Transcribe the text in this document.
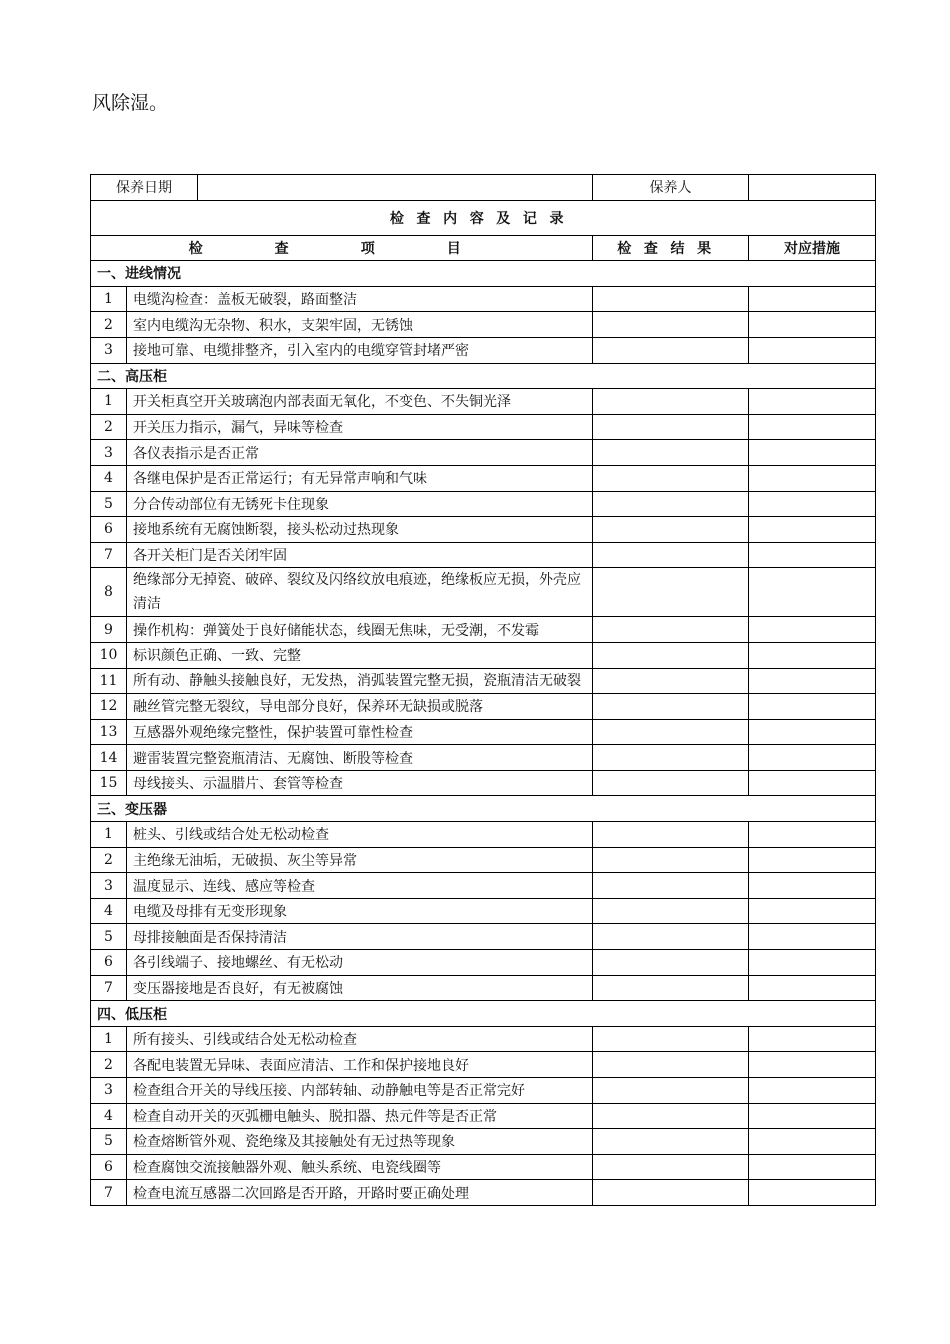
风除湿。
保养日期			保养人	
检查内容及记录				
检 查 项 目			检查结果	对应措施
一、进线情况				
1	电缆沟检查：盖板无破裂，路面整洁			
2	室内电缆沟无杂物、积水，支架牢固，无锈蚀			
3	接地可靠、电缆排整齐，引入室内的电缆穿管封堵严密			
二、高压柜				
1	开关柜真空开关玻璃泡内部表面无氧化，不变色、不失铜光泽			
2	开关压力指示，漏气，异味等检查			
3	各仪表指示是否正常			
4	各继电保护是否正常运行；有无异常声响和气味			
5	分合传动部位有无锈死卡住现象			
6	接地系统有无腐蚀断裂，接头松动过热现象			
7	各开关柜门是否关闭牢固			
8	绝缘部分无掉瓷、破碎、裂纹及闪络纹放电痕迹，绝缘板应无损，外壳应清洁			
9	操作机构：弹簧处于良好储能状态，线圈无焦味，无受潮，不发霉			
10	标识颜色正确、一致、完整			
11	所有动、静触头接触良好，无发热，消弧装置完整无损，瓷瓶清洁无破裂			
12	融丝管完整无裂纹，导电部分良好，保养环无缺损或脱落			
13	互感器外观绝缘完整性，保护装置可靠性检查			
14	避雷装置完整瓷瓶清洁、无腐蚀、断股等检查			
15	母线接头、示温腊片、套管等检查			
三、变压器				
1	桩头、引线或结合处无松动检查			
2	主绝缘无油垢，无破损、灰尘等异常			
3	温度显示、连线、感应等检查			
4	电缆及母排有无变形现象			
5	母排接触面是否保持清洁			
6	各引线端子、接地螺丝、有无松动			
7	变压器接地是否良好，有无被腐蚀			
四、低压柜				
1	所有接头、引线或结合处无松动检查			
2	各配电装置无异味、表面应清洁、工作和保护接地良好			
3	检查组合开关的导线压接、内部转轴、动静触电等是否正常完好			
4	检查自动开关的灭弧栅电触头、脱扣器、热元件等是否正常			
5	检查熔断管外观、瓷绝缘及其接触处有无过热等现象			
6	检查腐蚀交流接触器外观、触头系统、电瓷线圈等			
7	检查电流互感器二次回路是否开路，开路时要正确处理			
